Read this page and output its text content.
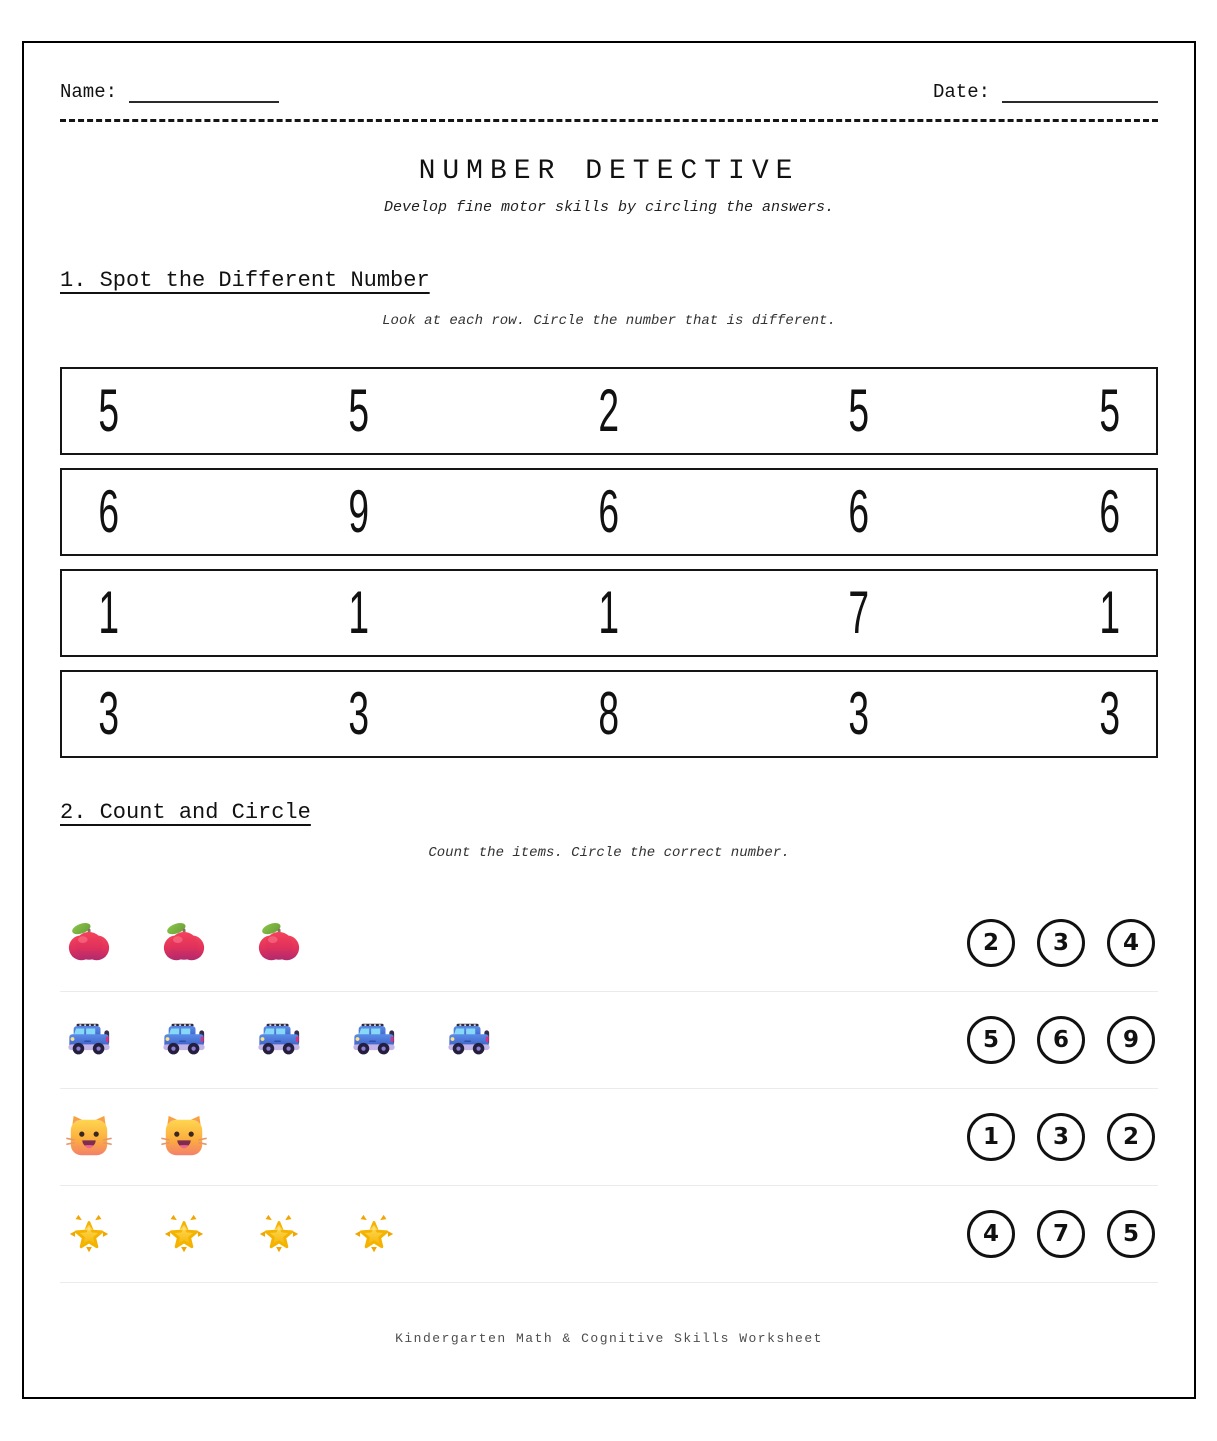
Name:	Date:
NUMBER DETECTIVE
Develop fine motor skills by circling the answers.
1. Spot the Different Number
Look at each row. Circle the number that is different.
5	5	2	5	5
6	9	6	6	6
1	1	1	7	1
3	3	8	3	3
2. Count and Circle
Count the items. Circle the correct number.
2	3	4
5	6	9
1	3	2
4	7	5
Kindergarten Math & Cognitive Skills Worksheet
